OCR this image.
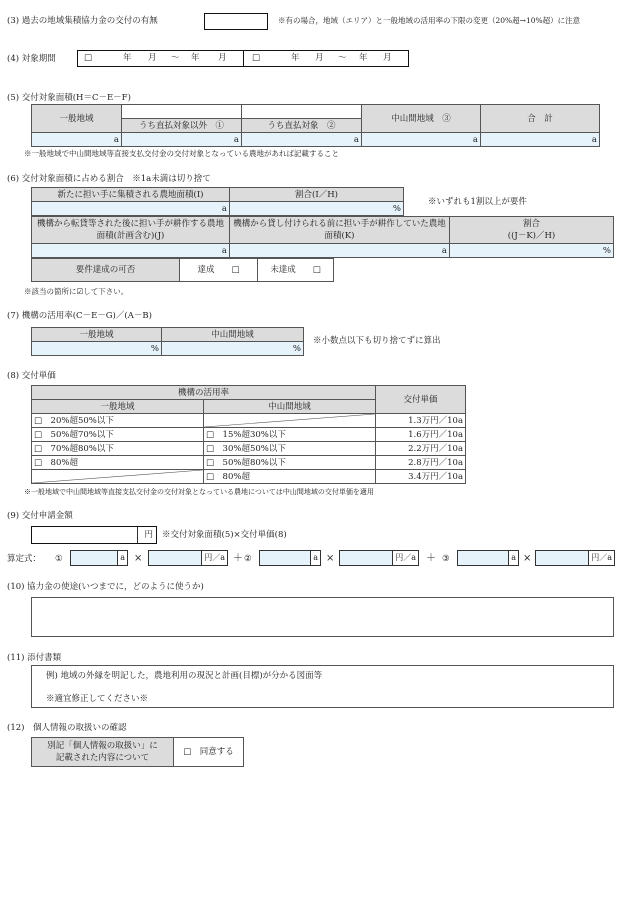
(3) 過去の地域集積協力金の交付の有無	※有の場合，地域（エリア）と一般地域の活用率の下限の変更（20%超→10%超）に注意
(4) 対象期間	□	年 月 ～ 年 月	□	年 月 ～ 年 月
(5) 交付対象面積(H＝C－E－F)
一般地域			中山間地域　 ③	合　計
	うち直払対象以外　 ①	うち直払対象　 ②		
a	a	a	a	a
※一般地域で中山間地域等直接支払交付金の交付対象となっている農地があれば記載すること
(6) 交付対象面積に占める割合　※1a未満は切り捨て
新たに担い手に集積される農地面積(I)	割合(I／H)
a	%
※いずれも1割以上が要件
機構から転貸等された後に担い手が耕作する農地面積(計画含む)(J)	機構から貸し付けられる前に担い手が耕作していた農地面積(K)	割合
((J－K)／H)
a	a	%
要件達成の可否	達成　　 □	未達成　　 □
※該当の箇所に☑して下さい。
(7) 機構の活用率(C－E－G)／(A－B)
一般地域	中山間地域
%	%
※小数点以下も切り捨てずに算出
(8) 交付単価
機構の活用率		交付単価
一般地域	中山間地域	
□　 20%超50%以下		1.3万円／10a
□　 50%超70%以下	□　 15%超30%以下	1.6万円／10a
□　 70%超80%以下	□　 30%超50%以下	2.2万円／10a
□　 80%超	□　 50%超80%以下	2.8万円／10a

	□　 80%超	3.4万円／10a
※一般地域で中山間地域等直接支払交付金の交付対象となっている農地については中山間地域の交付単価を適用
(9) 交付申請金額
円 ※交付対象面積(5)×交付単価(8)
算定式： ①	a ×	円／a ＋ ②	a ×	円／a ＋ ③	a ×	円／a
(10) 協力金の使途(いつまでに，どのように使うか)
(11) 添付書類
例) 地域の外縁を明記した，農地利用の現況と計画(目標)が分かる図面等
※適宜修正してください※
(12)　個人情報の取扱いの確認
別記「個人情報の取扱い」に
記載された内容について	□　 同意する
